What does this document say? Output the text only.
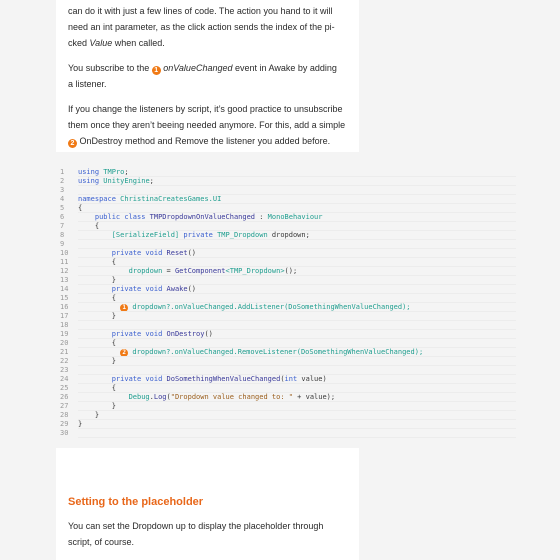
can do it with just a few lines of code. The action you hand to it will
need an int parameter, as the click action sends the index of the pi-
cked Value when called.

You subscribe to the 1 onValueChanged event in Awake by adding
a listener.

If you change the listeners by script, it’s good practice to unsubscribe
them once they aren’t beeing needed anymore. For this, add a simple
2 OnDestroy method and Remove the listener you added before.

1 using TMPro;
2 using UnityEngine;
3
4 namespace ChristinaCreatesGames.UI
5 {
6	public class TMPDropdownOnValueChanged : MonoBehaviour
7    {
8	[SerializeField] private TMP_Dropdown dropdown;
9
10	private void Reset()
11        {
12	dropdown = GetComponent<TMP_Dropdown>();
13        }
14	private void Awake()
15        {
16	1 dropdown?.onValueChanged.AddListener(DoSomethingWhenValueChanged);
17        }
18
19	private void OnDestroy()
20        {
21	2 dropdown?.onValueChanged.RemoveListener(DoSomethingWhenValueChanged);
22        }
23
24	private void DoSomethingWhenValueChanged(int value)
25        {
26	Debug.Log("Dropdown value changed to: " + value);
27        }
28    }
29 }
30
Setting to the placeholder

You can set the Dropdown up to display the placeholder through
script, of course.
